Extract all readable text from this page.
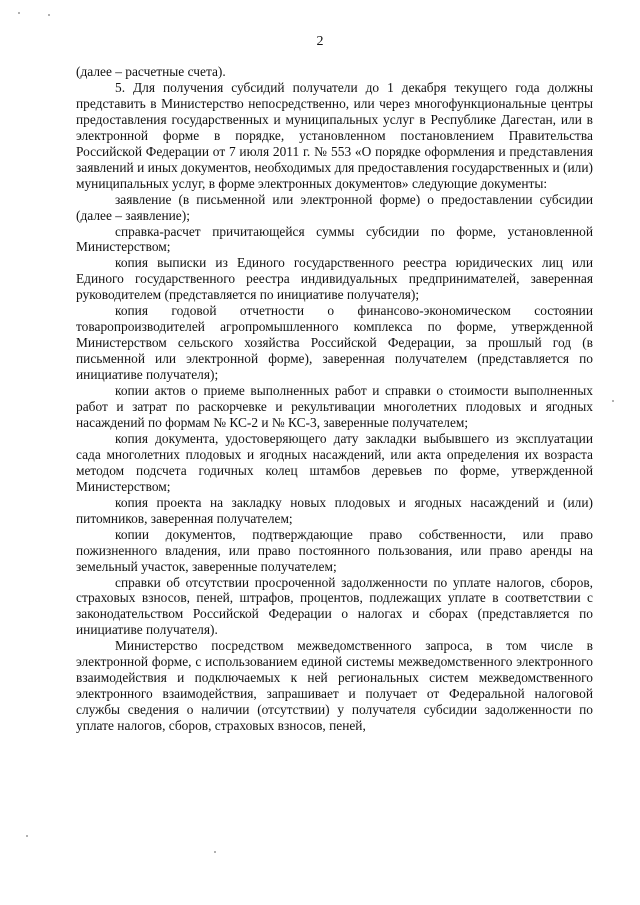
2

(далее – расчетные счета).

5. Для получения субсидий получатели до 1 декабря текущего года должны представить в Министерство непосредственно, или через многофункциональные центры предоставления государственных и муниципальных услуг в Республике Дагестан, или в электронной форме в порядке, установленном постановлением Правительства Российской Федерации от 7 июля 2011 г. № 553 «О порядке оформления и представления заявлений и иных документов, необходимых для предоставления государственных и (или) муниципальных услуг, в форме электронных документов» следующие документы:

заявление (в письменной или электронной форме) о предоставлении субсидии (далее – заявление);

справка-расчет причитающейся суммы субсидии по форме, установленной Министерством;

копия выписки из Единого государственного реестра юридических лиц или Единого государственного реестра индивидуальных предпринимателей, заверенная руководителем (представляется по инициативе получателя);

копия годовой отчетности о финансово-экономическом состоянии товаропроизводителей агропромышленного комплекса по форме, утвержденной Министерством сельского хозяйства Российской Федерации, за прошлый год (в письменной или электронной форме), заверенная получателем (представляется по инициативе получателя);

копии актов о приеме выполненных работ и справки о стоимости выполненных работ и затрат по раскорчевке и рекультивации многолетних плодовых и ягодных насаждений по формам № КС-2 и № КС-3, заверенные получателем;

копия документа, удостоверяющего дату закладки выбывшего из эксплуатации сада многолетних плодовых и ягодных насаждений, или акта определения их возраста методом подсчета годичных колец штамбов деревьев по форме, утвержденной Министерством;

копия проекта на закладку новых плодовых и ягодных насаждений и (или) питомников, заверенная получателем;

копии документов, подтверждающие право собственности, или право пожизненного владения, или право постоянного пользования, или право аренды на земельный участок, заверенные получателем;

справки об отсутствии просроченной задолженности по уплате налогов, сборов, страховых взносов, пеней, штрафов, процентов, подлежащих уплате в соответствии с законодательством Российской Федерации о налогах и сборах (представляется по инициативе получателя).

Министерство посредством межведомственного запроса, в том числе в электронной форме, с использованием единой системы межведомственного электронного взаимодействия и подключаемых к ней региональных систем межведомственного электронного взаимодействия, запрашивает и получает от Федеральной налоговой службы сведения о наличии (отсутствии) у получателя субсидии задолженности по уплате налогов, сборов, страховых взносов, пеней,
